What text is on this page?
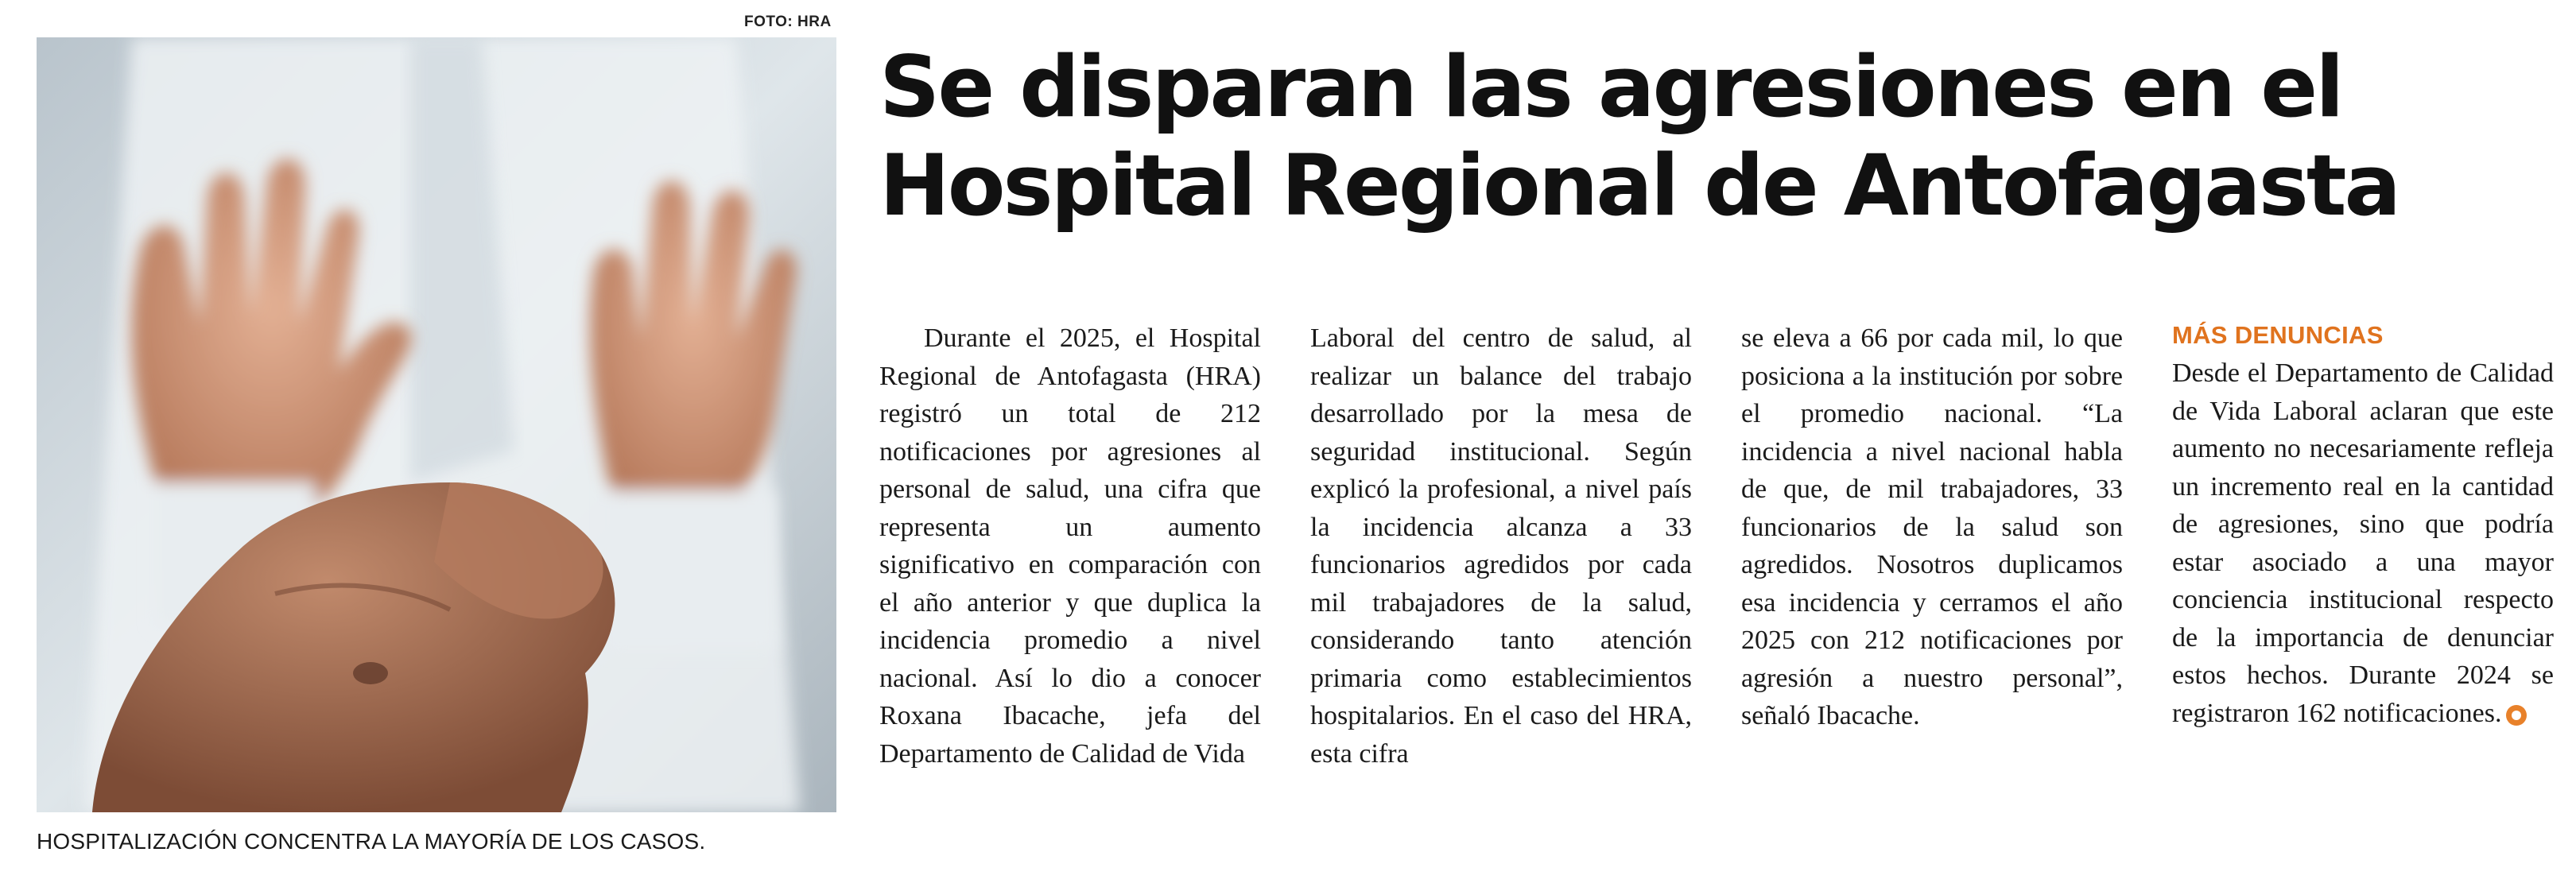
FOTO: HRA
HOSPITALIZACIÓN CONCENTRA LA MAYORÍA DE LOS CASOS.
Se disparan las agresiones en el Hospital Regional de Antofagasta

Durante el 2025, el Hospital Regional de Antofagasta (HRA) registró un total de 212 notificaciones por agresiones al personal de salud, una cifra que representa un aumento significativo en comparación con el año anterior y que duplica la incidencia promedio a nivel nacional. Así lo dio a conocer Roxana Ibacache, jefa del Departamento de Calidad de Vida

Laboral del centro de salud, al realizar un balance del trabajo desarrollado por la mesa de seguridad institucional. Según explicó la profesional, a nivel país la incidencia alcanza a 33 funcionarios agredidos por cada mil trabajadores de la salud, considerando tanto atención primaria como establecimientos hospitalarios. En el caso del HRA, esta cifra

se eleva a 66 por cada mil, lo que posiciona a la institución por sobre el promedio nacional. “La incidencia a nivel nacional habla de que, de mil trabajadores, 33 funcionarios de la salud son agredidos. Nosotros duplicamos esa incidencia y cerramos el año 2025 con 212 notificaciones por agresión a nuestro personal”, señaló Ibacache.

MÁS DENUNCIAS

Desde el Departamento de Calidad de Vida Laboral aclaran que este aumento no necesariamente refleja un incremento real en la cantidad de agresiones, sino que podría estar asociado a una mayor conciencia institucional respecto de la importancia de denunciar estos hechos. Durante 2024 se registraron 162 notificaciones.
